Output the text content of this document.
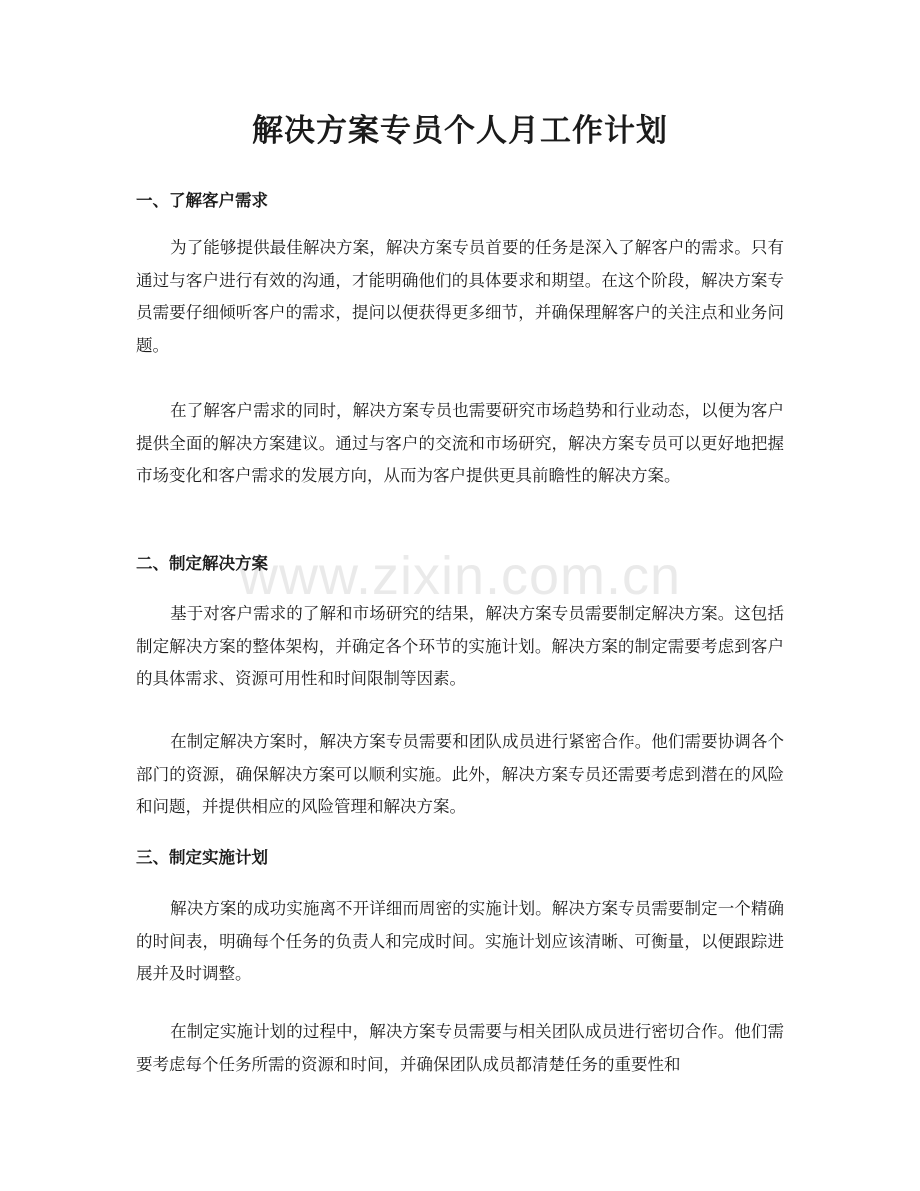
解决方案专员个人月工作计划
一、了解客户需求

为了能够提供最佳解决方案，解决方案专员首要的任务是深入了解客户的需求。只有通过与客户进行有效的沟通，才能明确他们的具体要求和期望。在这个阶段，解决方案专员需要仔细倾听客户的需求，提问以便获得更多细节，并确保理解客户的关注点和业务问题。

在了解客户需求的同时，解决方案专员也需要研究市场趋势和行业动态，以便为客户提供全面的解决方案建议。通过与客户的交流和市场研究，解决方案专员可以更好地把握市场变化和客户需求的发展方向，从而为客户提供更具前瞻性的解决方案。

二、制定解决方案

基于对客户需求的了解和市场研究的结果，解决方案专员需要制定解决方案。这包括制定解决方案的整体架构，并确定各个环节的实施计划。解决方案的制定需要考虑到客户的具体需求、资源可用性和时间限制等因素。

在制定解决方案时，解决方案专员需要和团队成员进行紧密合作。他们需要协调各个部门的资源，确保解决方案可以顺利实施。此外，解决方案专员还需要考虑到潜在的风险和问题，并提供相应的风险管理和解决方案。

三、制定实施计划

解决方案的成功实施离不开详细而周密的实施计划。解决方案专员需要制定一个精确的时间表，明确每个任务的负责人和完成时间。实施计划应该清晰、可衡量，以便跟踪进展并及时调整。

在制定实施计划的过程中，解决方案专员需要与相关团队成员进行密切合作。他们需要考虑每个任务所需的资源和时间，并确保团队成员都清楚任务的重要性和

www.zixin.com.cn
